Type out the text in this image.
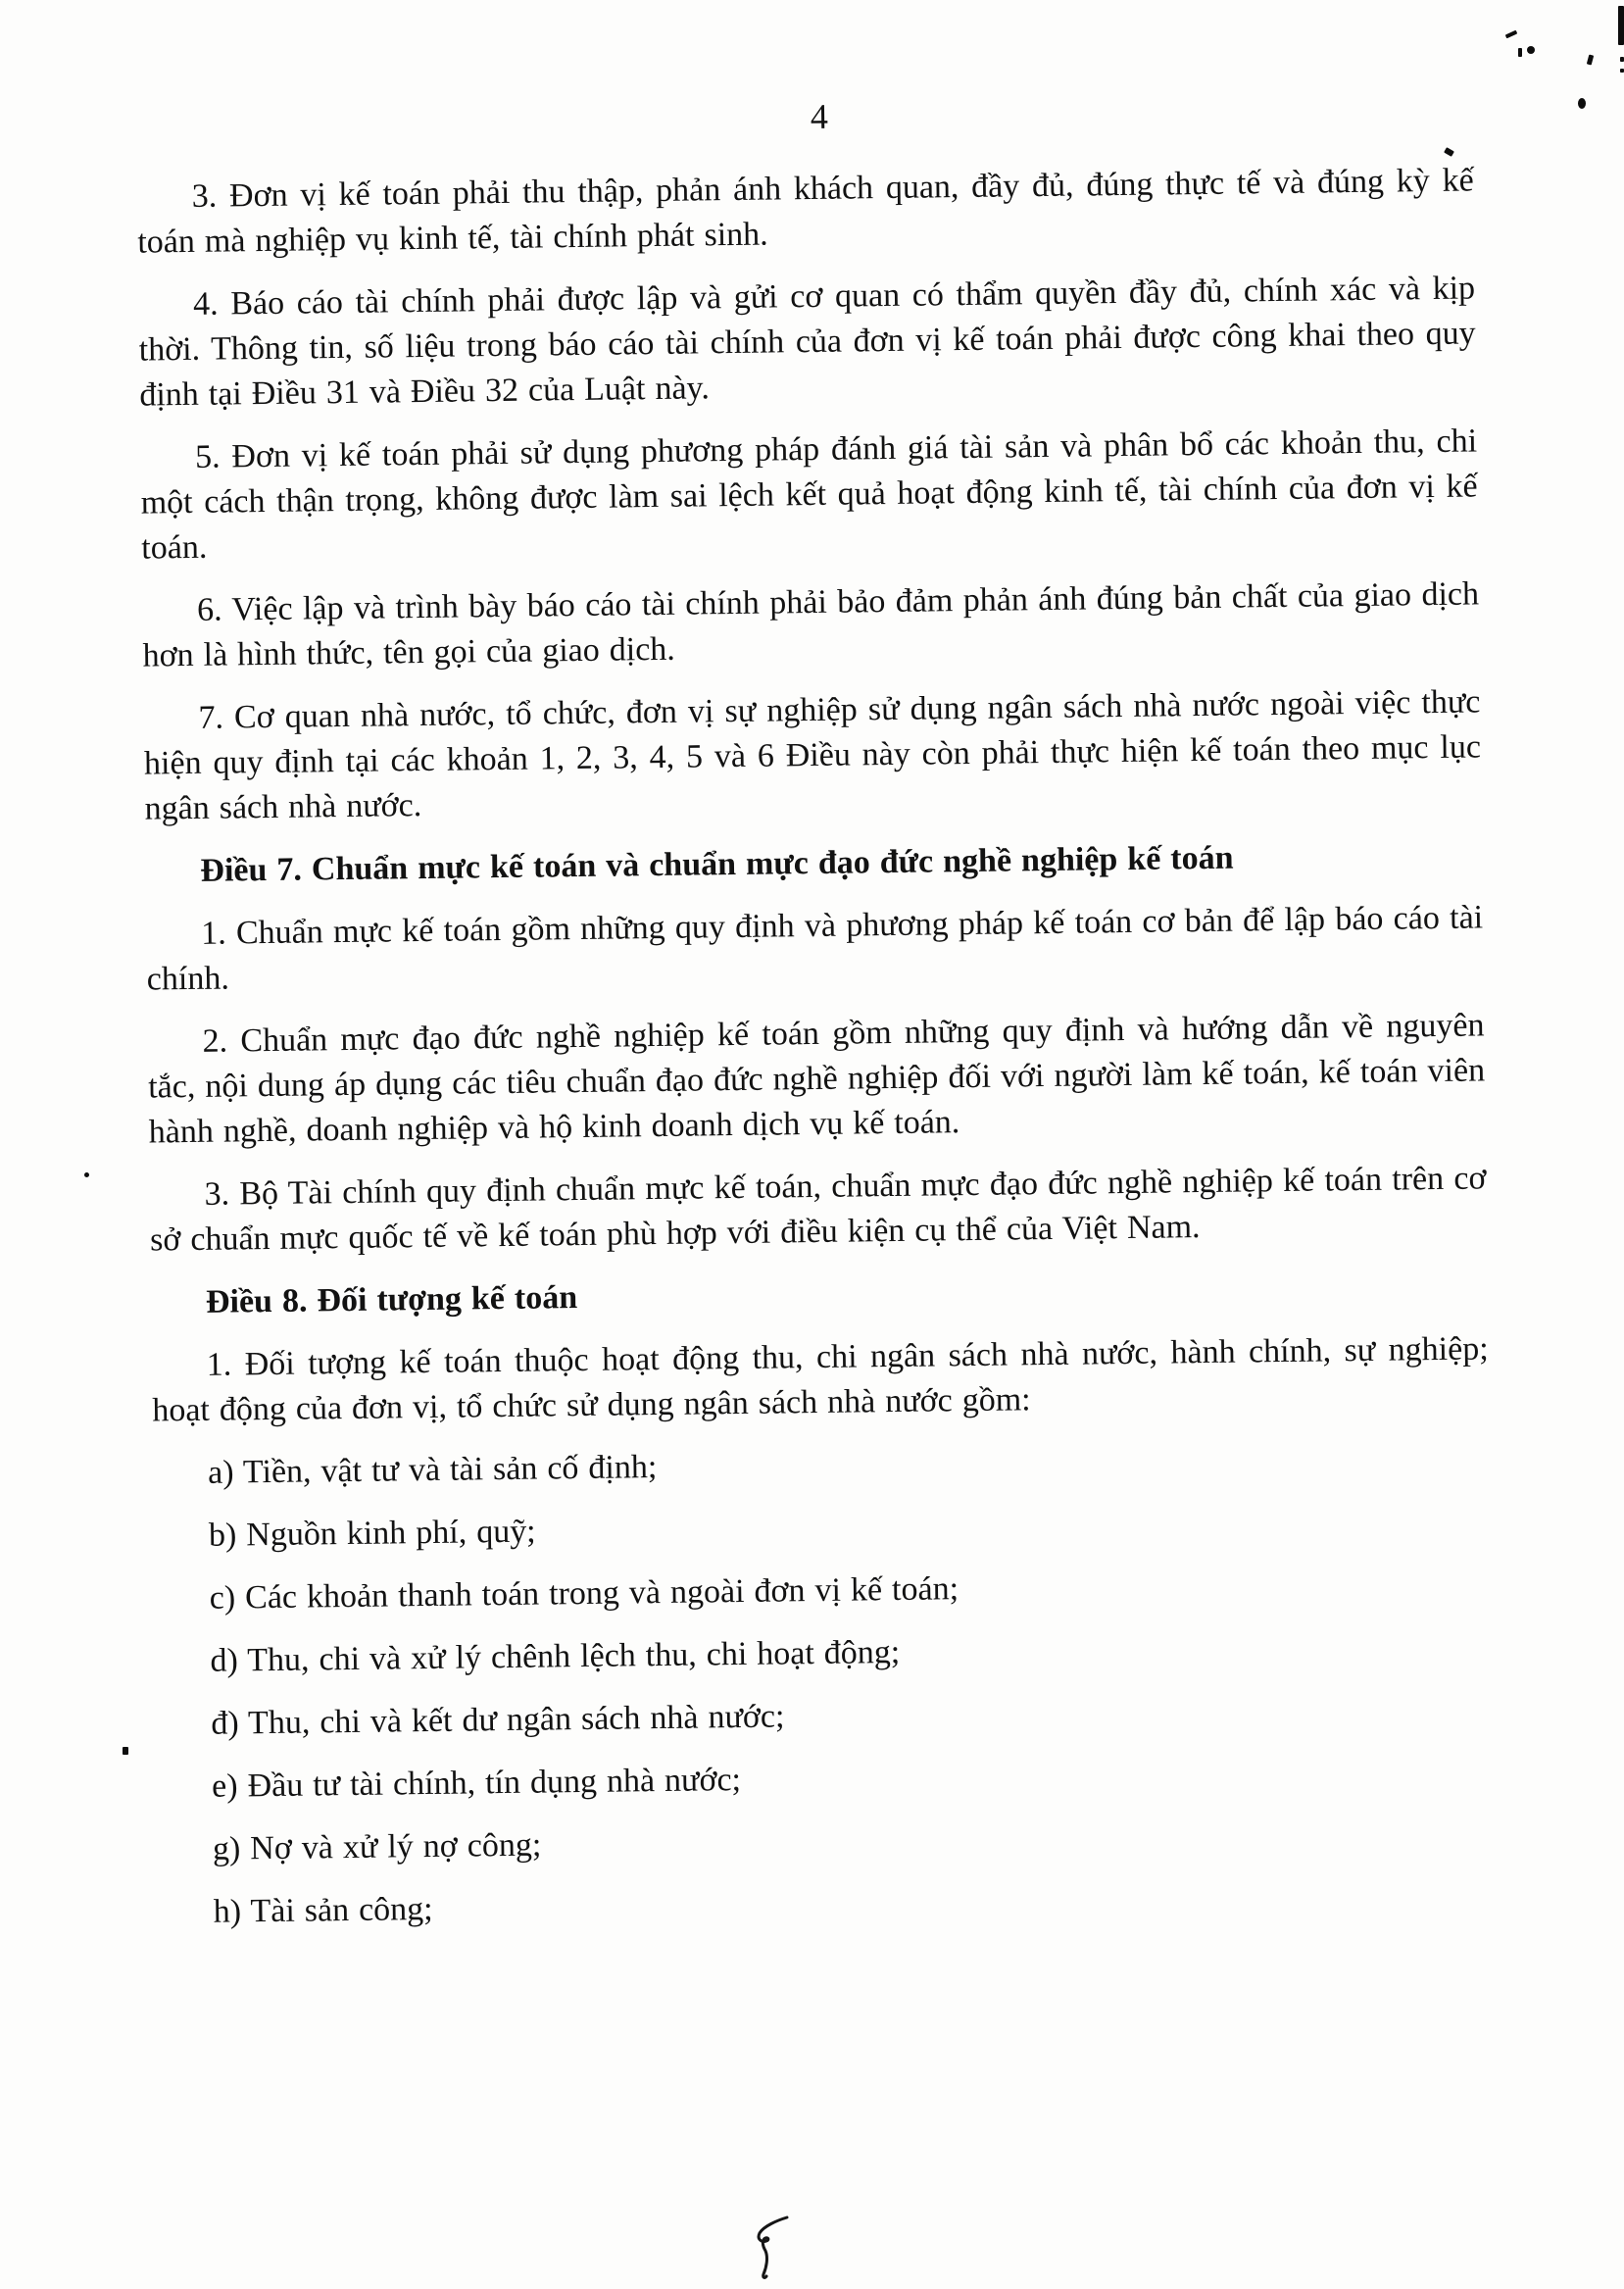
4

3. Đơn vị kế toán phải thu thập, phản ánh khách quan, đầy đủ, đúng thực tế và đúng kỳ kế toán mà nghiệp vụ kinh tế, tài chính phát sinh.

4. Báo cáo tài chính phải được lập và gửi cơ quan có thẩm quyền đầy đủ, chính xác và kịp thời. Thông tin, số liệu trong báo cáo tài chính của đơn vị kế toán phải được công khai theo quy định tại Điều 31 và Điều 32 của Luật này.

5. Đơn vị kế toán phải sử dụng phương pháp đánh giá tài sản và phân bổ các khoản thu, chi một cách thận trọng, không được làm sai lệch kết quả hoạt động kinh tế, tài chính của đơn vị kế toán.

6. Việc lập và trình bày báo cáo tài chính phải bảo đảm phản ánh đúng bản chất của giao dịch hơn là hình thức, tên gọi của giao dịch.

7. Cơ quan nhà nước, tổ chức, đơn vị sự nghiệp sử dụng ngân sách nhà nước ngoài việc thực hiện quy định tại các khoản 1, 2, 3, 4, 5 và 6 Điều này còn phải thực hiện kế toán theo mục lục ngân sách nhà nước.

Điều 7. Chuẩn mực kế toán và chuẩn mực đạo đức nghề nghiệp kế toán

1. Chuẩn mực kế toán gồm những quy định và phương pháp kế toán cơ bản để lập báo cáo tài chính.

2. Chuẩn mực đạo đức nghề nghiệp kế toán gồm những quy định và hướng dẫn về nguyên tắc, nội dung áp dụng các tiêu chuẩn đạo đức nghề nghiệp đối với người làm kế toán, kế toán viên hành nghề, doanh nghiệp và hộ kinh doanh dịch vụ kế toán.

3. Bộ Tài chính quy định chuẩn mực kế toán, chuẩn mực đạo đức nghề nghiệp kế toán trên cơ sở chuẩn mực quốc tế về kế toán phù hợp với điều kiện cụ thể của Việt Nam.

Điều 8. Đối tượng kế toán

1. Đối tượng kế toán thuộc hoạt động thu, chi ngân sách nhà nước, hành chính, sự nghiệp; hoạt động của đơn vị, tổ chức sử dụng ngân sách nhà nước gồm:

a) Tiền, vật tư và tài sản cố định;

b) Nguồn kinh phí, quỹ;

c) Các khoản thanh toán trong và ngoài đơn vị kế toán;

d) Thu, chi và xử lý chênh lệch thu, chi hoạt động;

đ) Thu, chi và kết dư ngân sách nhà nước;

e) Đầu tư tài chính, tín dụng nhà nước;

g) Nợ và xử lý nợ công;

h) Tài sản công;
